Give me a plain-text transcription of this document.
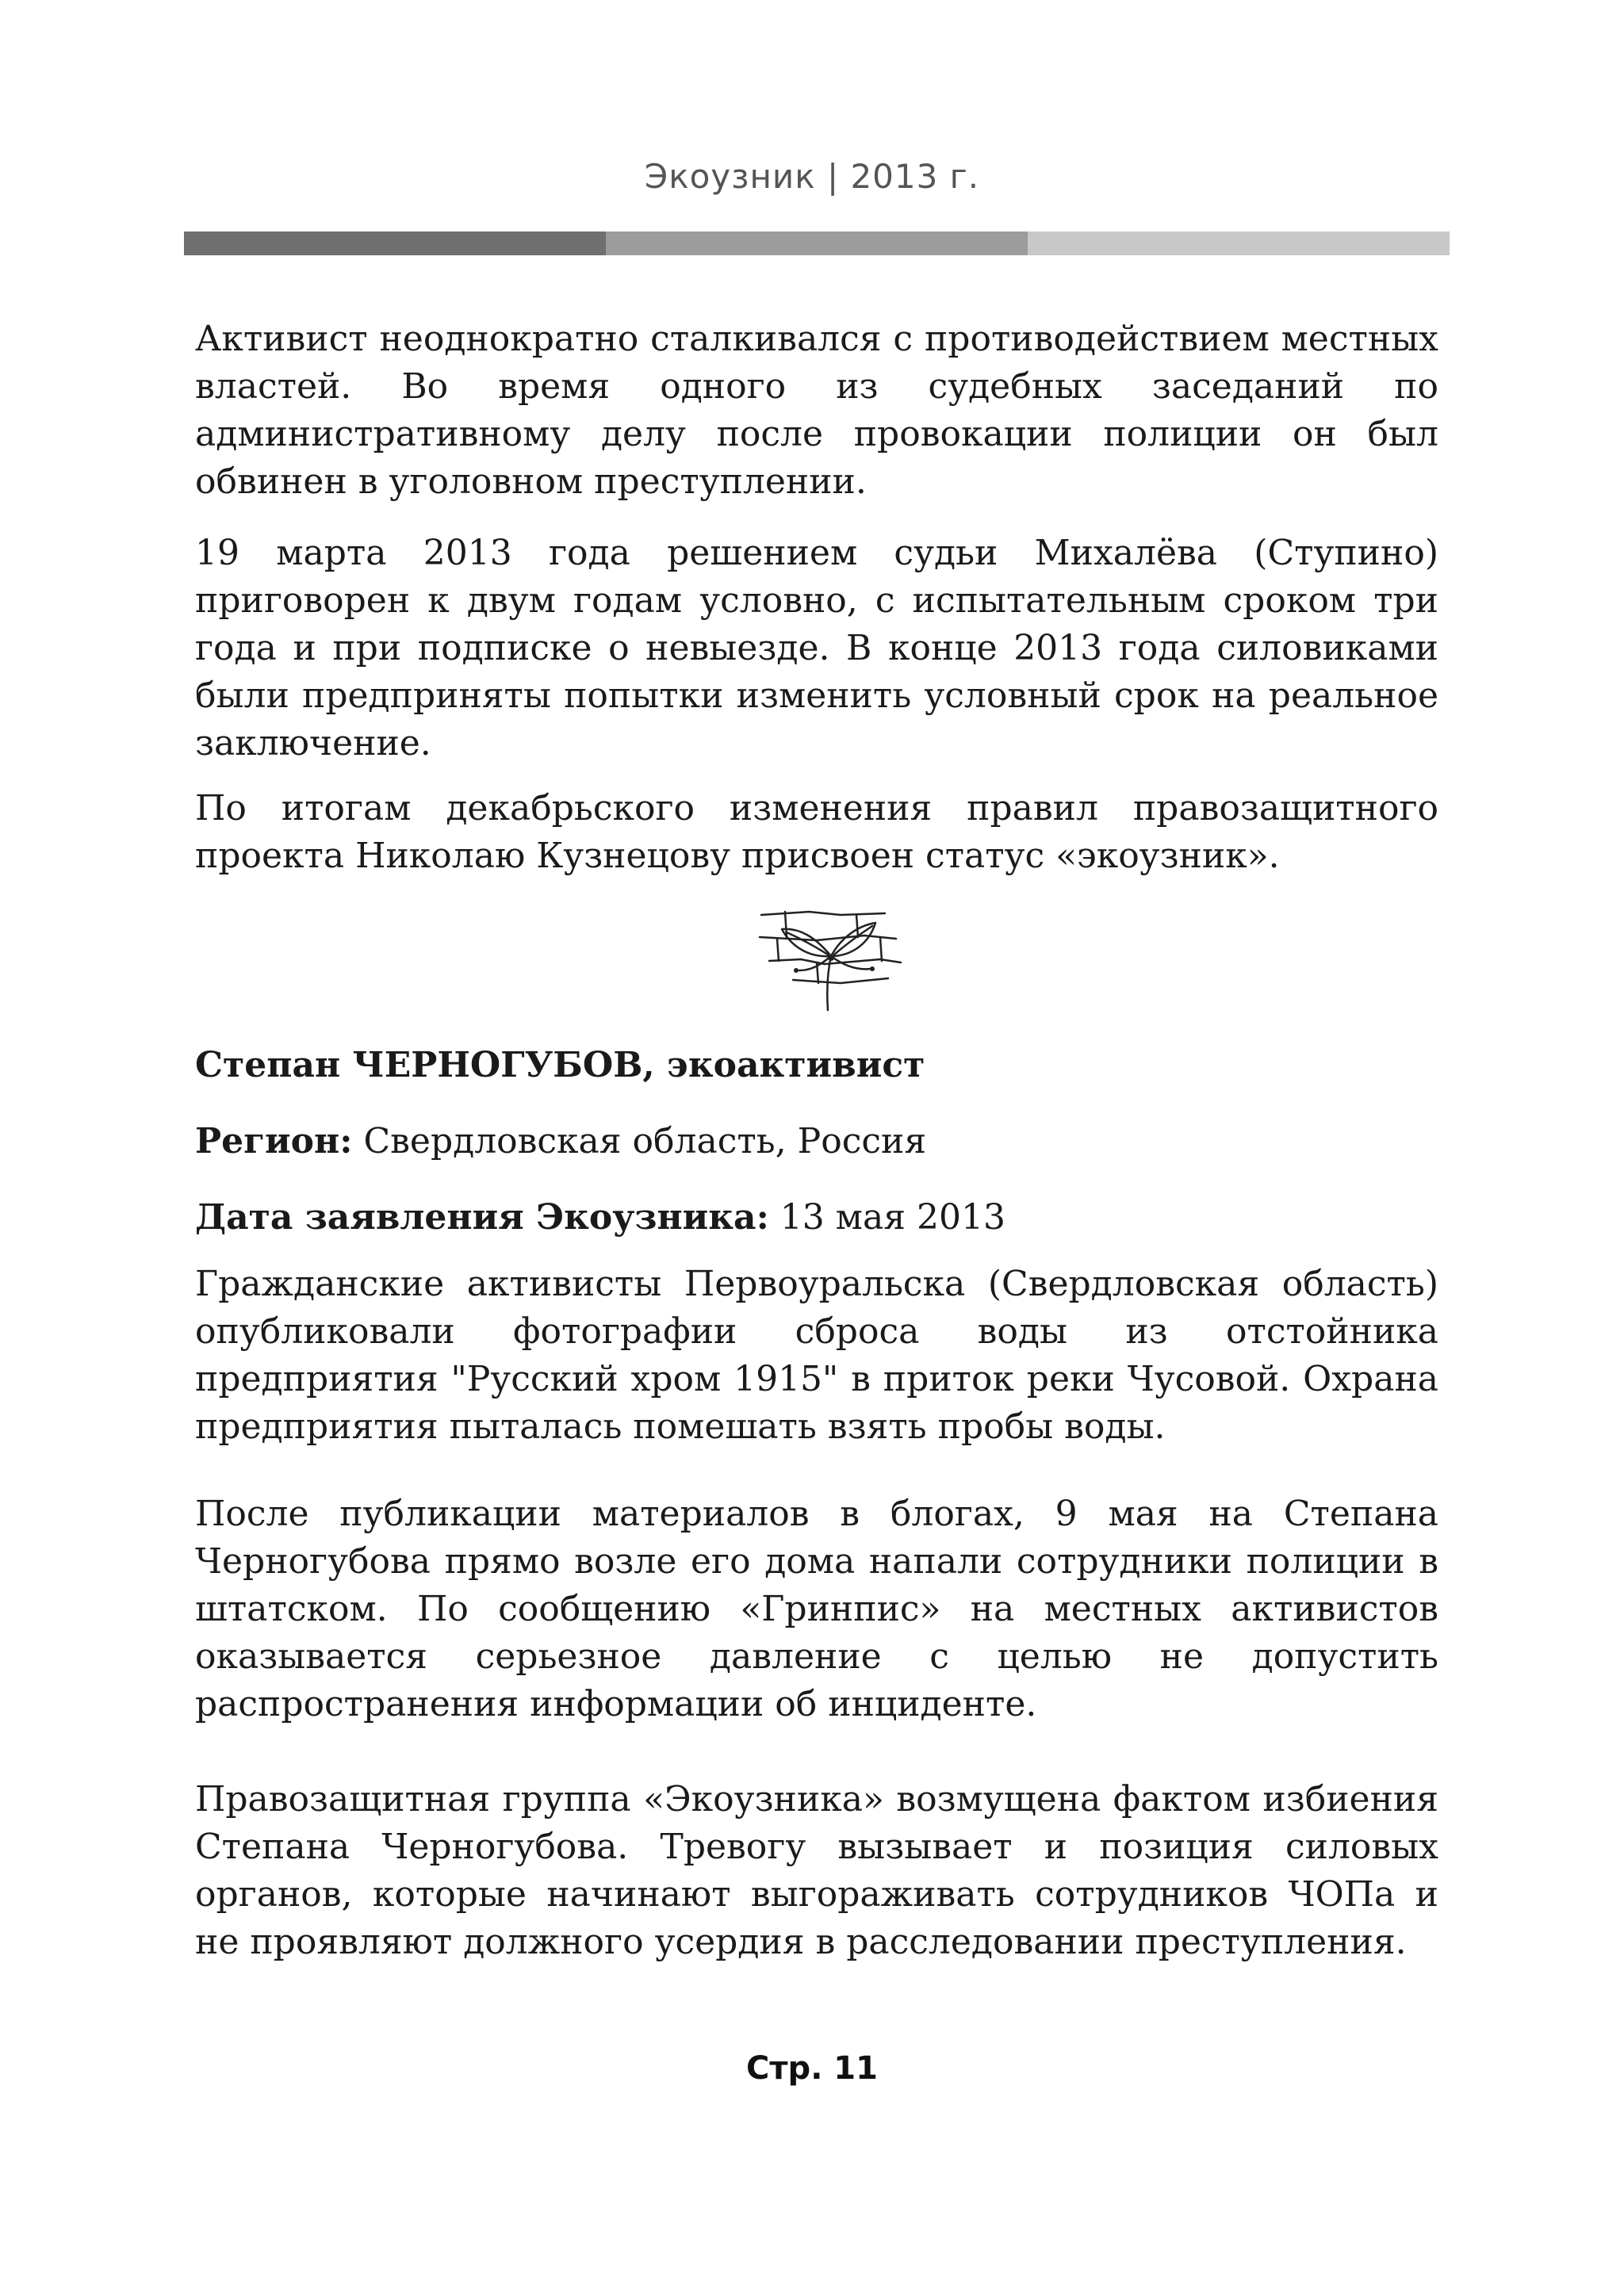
Экоузник | 2013 г.

Активист неоднократно сталкивался с противодействием местных властей. Во время одного из судебных заседаний по административному делу после провокации полиции он был обвинен в уголовном преступлении.

19 марта 2013 года решением судьи Михалёва (Ступино) приговорен к двум годам условно, с испытательным сроком три года и при подписке о невыезде. В конце 2013 года силовиками были предприняты попытки изменить условный срок на реальное заключение.

По итогам декабрьского изменения правил правозащитного проекта Николаю Кузнецову присвоен статус «экоузник».

Степан ЧЕРНОГУБОВ, экоактивист
Регион: Свердловская область, Россия
Дата заявления Экоузника: 13 мая 2013

Гражданские активисты Первоуральска (Свердловская область) опубликовали фотографии сброса воды из отстойника предприятия "Русский хром 1915" в приток реки Чусовой. Охрана предприятия пыталась помешать взять пробы воды.

После публикации материалов в блогах, 9 мая на Степана Черногубова прямо возле его дома напали сотрудники полиции в штатском. По сообщению «Гринпис» на местных активистов оказывается серьезное давление с целью не допустить распространения информации об инциденте.

Правозащитная группа «Экоузника» возмущена фактом избиения Степана Черногубова. Тревогу вызывает и позиция силовых органов, которые начинают выгораживать сотрудников ЧОПа и не проявляют должного усердия в расследовании преступления.

Стр. 11
